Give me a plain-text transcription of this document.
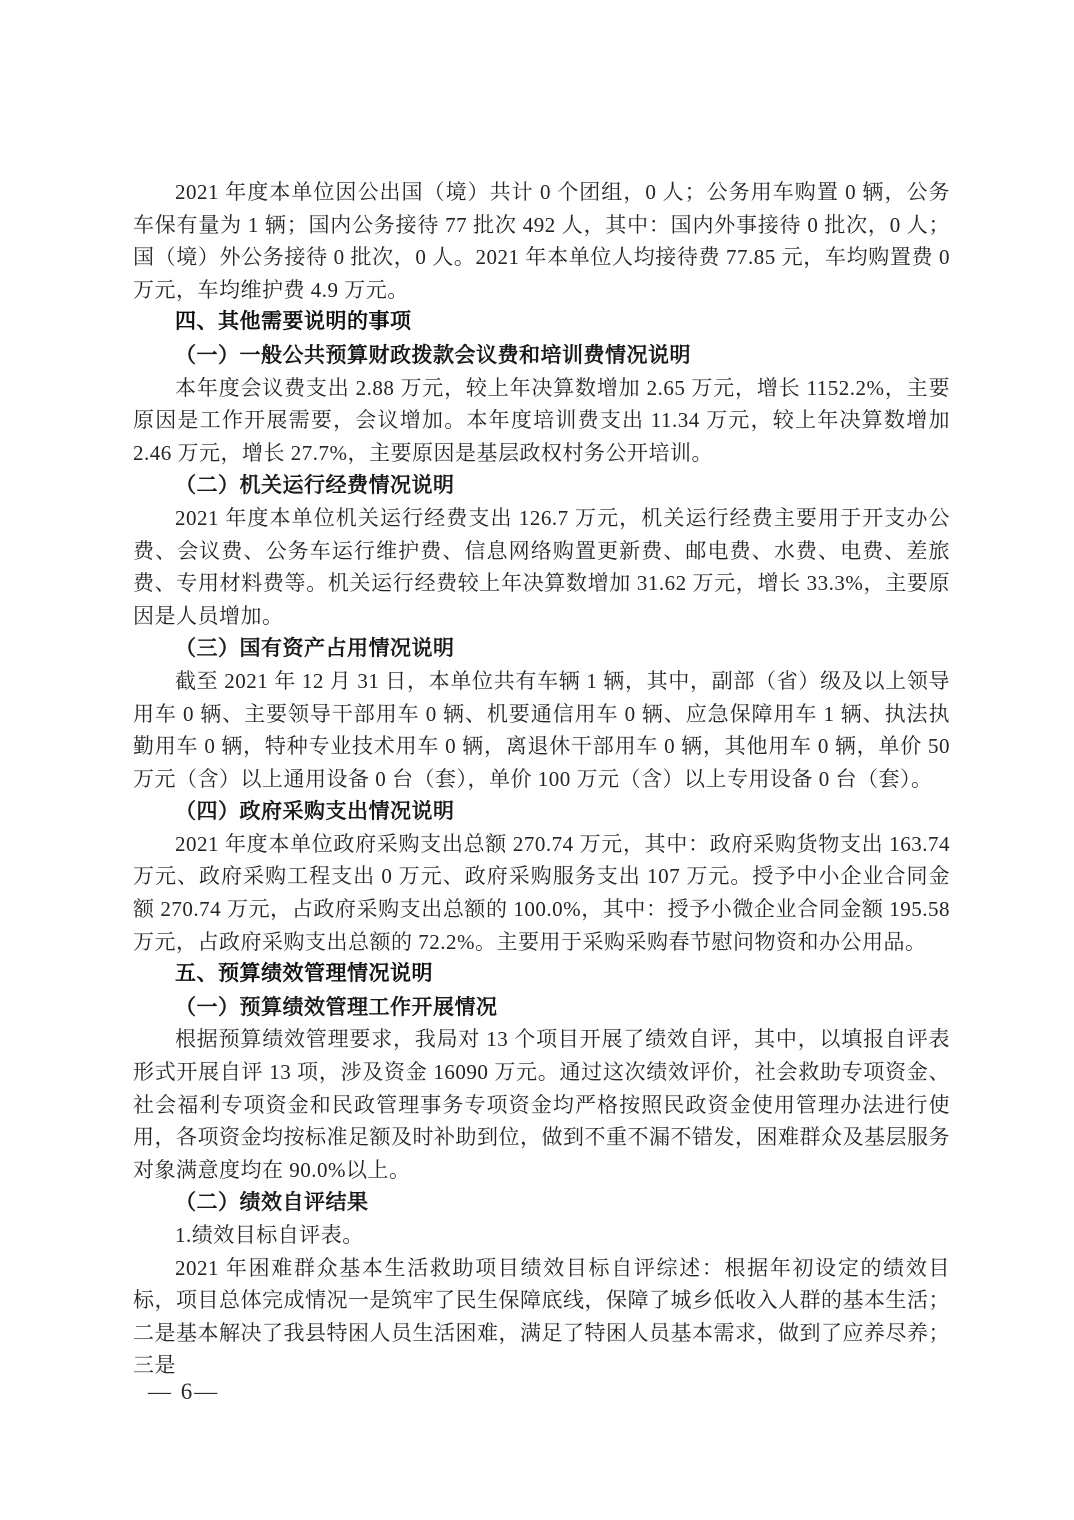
2021 年度本单位因公出国（境）共计 0 个团组，0 人；公务用车购置 0 辆，公务车保有量为 1 辆；国内公务接待 77 批次 492 人，其中：国内外事接待 0 批次，0 人；国（境）外公务接待 0 批次，0 人。2021 年本单位人均接待费 77.85 元，车均购置费 0 万元，车均维护费 4.9 万元。

四、其他需要说明的事项
（一）一般公共预算财政拨款会议费和培训费情况说明

本年度会议费支出 2.88 万元，较上年决算数增加 2.65 万元，增长 1152.2%，主要原因是工作开展需要，会议增加。本年度培训费支出 11.34 万元，较上年决算数增加 2.46 万元，增长 27.7%，主要原因是基层政权村务公开培训。

（二）机关运行经费情况说明

2021 年度本单位机关运行经费支出 126.7 万元，机关运行经费主要用于开支办公费、会议费、公务车运行维护费、信息网络购置更新费、邮电费、水费、电费、差旅费、专用材料费等。机关运行经费较上年决算数增加 31.62 万元，增长 33.3%，主要原因是人员增加。

（三）国有资产占用情况说明

截至 2021 年 12 月 31 日，本单位共有车辆 1 辆，其中，副部（省）级及以上领导用车 0 辆、主要领导干部用车 0 辆、机要通信用车 0 辆、应急保障用车 1 辆、执法执勤用车 0 辆，特种专业技术用车 0 辆，离退休干部用车 0 辆，其他用车 0 辆，单价 50 万元（含）以上通用设备 0 台（套），单价 100 万元（含）以上专用设备 0 台（套）。

（四）政府采购支出情况说明

2021 年度本单位政府采购支出总额 270.74 万元，其中：政府采购货物支出 163.74 万元、政府采购工程支出 0 万元、政府采购服务支出 107 万元。授予中小企业合同金额 270.74 万元，占政府采购支出总额的 100.0%，其中：授予小微企业合同金额 195.58 万元，占政府采购支出总额的 72.2%。主要用于采购采购春节慰问物资和办公用品。

五、预算绩效管理情况说明
（一）预算绩效管理工作开展情况

根据预算绩效管理要求，我局对 13 个项目开展了绩效自评，其中，以填报自评表形式开展自评 13 项，涉及资金 16090 万元。通过这次绩效评价，社会救助专项资金、社会福利专项资金和民政管理事务专项资金均严格按照民政资金使用管理办法进行使用，各项资金均按标准足额及时补助到位，做到不重不漏不错发，困难群众及基层服务对象满意度均在 90.0%以上。

（二）绩效自评结果

1.绩效目标自评表。

2021 年困难群众基本生活救助项目绩效目标自评综述：根据年初设定的绩效目标，项目总体完成情况一是筑牢了民生保障底线，保障了城乡低收入人群的基本生活；二是基本解决了我县特困人员生活困难，满足了特困人员基本需求，做到了应养尽养；三是

— 6—
